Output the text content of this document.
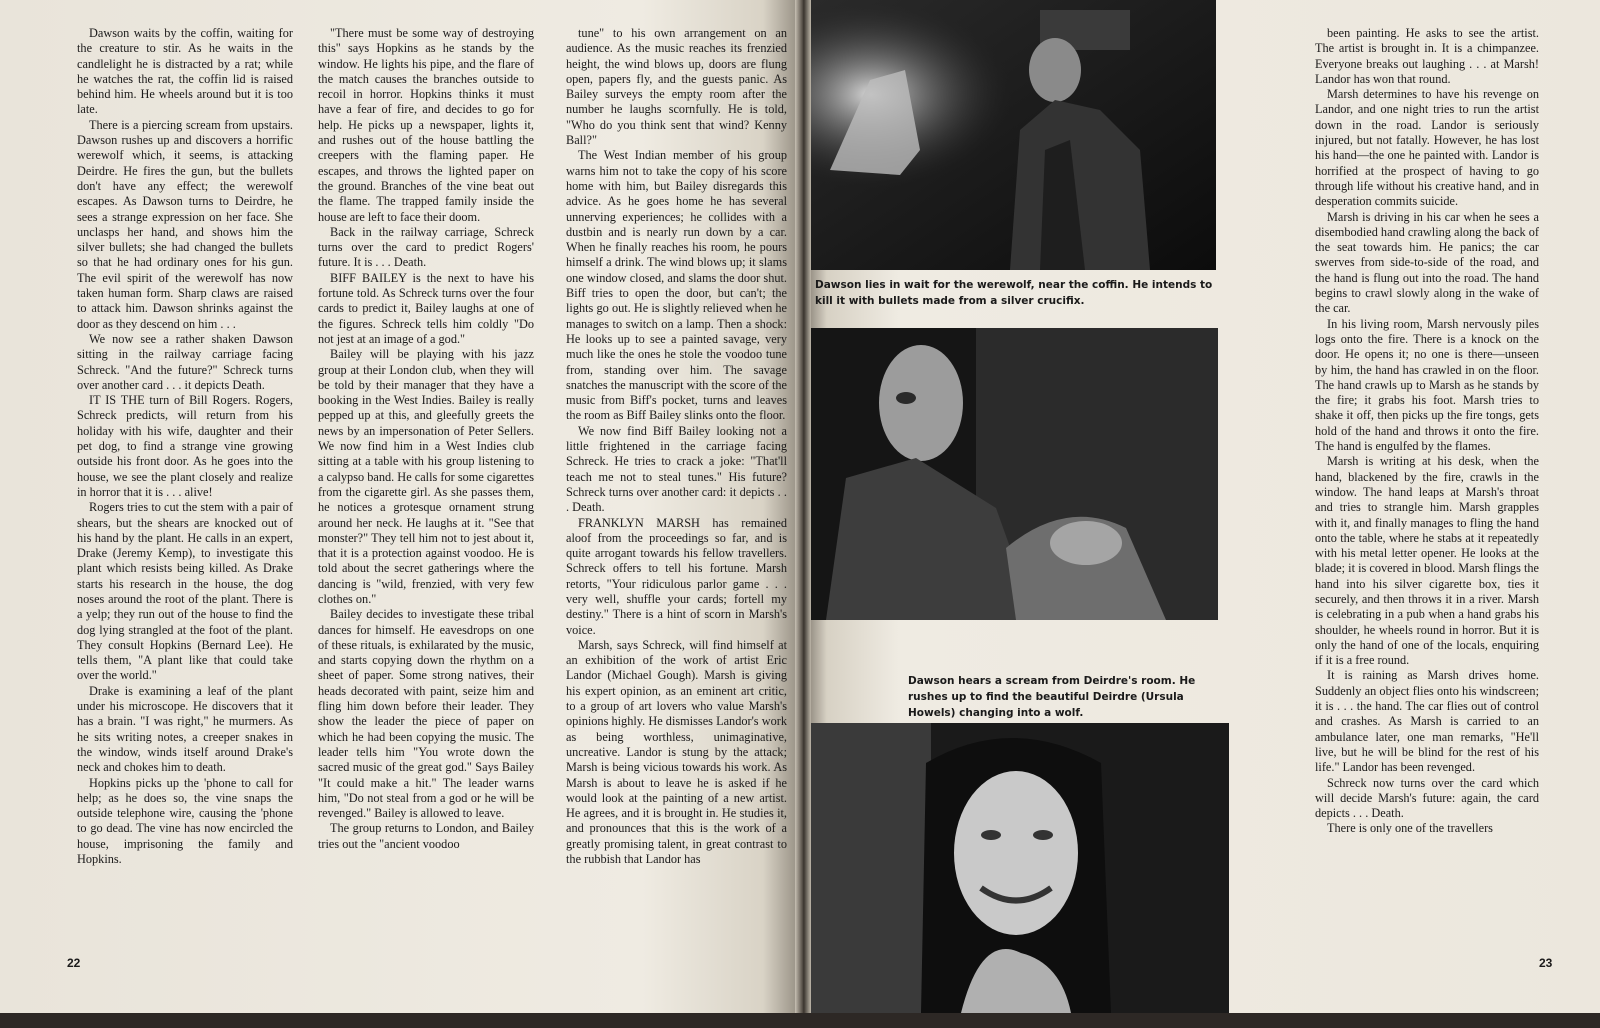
Dawson waits by the coffin, waiting for the creature to stir. As he waits in the candlelight he is distracted by a rat; while he watches the rat, the coffin lid is raised behind him. He wheels around but it is too late.

There is a piercing scream from upstairs. Dawson rushes up and discovers a horrific werewolf which, it seems, is attacking Deirdre. He fires the gun, but the bullets don't have any effect; the werewolf escapes. As Dawson turns to Deirdre, he sees a strange expression on her face. She unclasps her hand, and shows him the silver bullets; she had changed the bullets so that he had ordinary ones for his gun. The evil spirit of the werewolf has now taken human form. Sharp claws are raised to attack him. Dawson shrinks against the door as they descend on him . . .

We now see a rather shaken Dawson sitting in the railway carriage facing Schreck. "And the future?" Schreck turns over another card . . . it depicts Death.

IT IS THE turn of Bill Rogers. Rogers, Schreck predicts, will return from his holiday with his wife, daughter and their pet dog, to find a strange vine growing outside his front door. As he goes into the house, we see the plant closely and realize in horror that it is . . . alive!

Rogers tries to cut the stem with a pair of shears, but the shears are knocked out of his hand by the plant. He calls in an expert, Drake (Jeremy Kemp), to investigate this plant which resists being killed. As Drake starts his research in the house, the dog noses around the root of the plant. There is a yelp; they run out of the house to find the dog lying strangled at the foot of the plant. They consult Hopkins (Bernard Lee). He tells them, "A plant like that could take over the world."

Drake is examining a leaf of the plant under his microscope. He discovers that it has a brain. "I was right," he murmers. As he sits writing notes, a creeper snakes in the window, winds itself around Drake's neck and chokes him to death.

Hopkins picks up the 'phone to call for help; as he does so, the vine snaps the outside telephone wire, causing the 'phone to go dead. The vine has now encircled the house, imprisoning the family and Hopkins.

"There must be some way of destroying this" says Hopkins as he stands by the window. He lights his pipe, and the flare of the match causes the branches outside to recoil in horror. Hopkins thinks it must have a fear of fire, and decides to go for help. He picks up a newspaper, lights it, and rushes out of the house battling the creepers with the flaming paper. He escapes, and throws the lighted paper on the ground. Branches of the vine beat out the flame. The trapped family inside the house are left to face their doom.

Back in the railway carriage, Schreck turns over the card to predict Rogers' future. It is . . . Death.

BIFF BAILEY is the next to have his fortune told. As Schreck turns over the four cards to predict it, Bailey laughs at one of the figures. Schreck tells him coldly "Do not jest at an image of a god."

Bailey will be playing with his jazz group at their London club, when they will be told by their manager that they have a booking in the West Indies. Bailey is really pepped up at this, and gleefully greets the news by an impersonation of Peter Sellers. We now find him in a West Indies club sitting at a table with his group listening to a calypso band. He calls for some cigarettes from the cigarette girl. As she passes them, he notices a grotesque ornament strung around her neck. He laughs at it. "See that monster?" They tell him not to jest about it, that it is a protection against voodoo. He is told about the secret gatherings where the dancing is "wild, frenzied, with very few clothes on."

Bailey decides to investigate these tribal dances for himself. He eavesdrops on one of these rituals, is exhilarated by the music, and starts copying down the rhythm on a sheet of paper. Some strong natives, their heads decorated with paint, seize him and fling him down before their leader. They show the leader the piece of paper on which he had been copying the music. The leader tells him "You wrote down the sacred music of the great god." Says Bailey "It could make a hit." The leader warns him, "Do not steal from a god or he will be revenged." Bailey is allowed to leave.

The group returns to London, and Bailey tries out the "ancient voodoo

tune" to his own arrangement on an audience. As the music reaches its frenzied height, the wind blows up, doors are flung open, papers fly, and the guests panic. As Bailey surveys the empty room after the number he laughs scornfully. He is told, "Who do you think sent that wind? Kenny Ball?"

The West Indian member of his group warns him not to take the copy of his score home with him, but Bailey disregards this advice. As he goes home he has several unnerving experiences; he collides with a dustbin and is nearly run down by a car. When he finally reaches his room, he pours himself a drink. The wind blows up; it slams one window closed, and slams the door shut. Biff tries to open the door, but can't; the lights go out. He is slightly relieved when he manages to switch on a lamp. Then a shock: He looks up to see a painted savage, very much like the ones he stole the voodoo tune from, standing over him. The savage snatches the manuscript with the score of the music from Biff's pocket, turns and leaves the room as Biff Bailey slinks onto the floor.

We now find Biff Bailey looking not a little frightened in the carriage facing Schreck. He tries to crack a joke: "That'll teach me not to steal tunes." His future? Schreck turns over another card: it depicts . . . Death.

FRANKLYN MARSH has remained aloof from the proceedings so far, and is quite arrogant towards his fellow travellers. Schreck offers to tell his fortune. Marsh retorts, "Your ridiculous parlor game . . . very well, shuffle your cards; fortell my destiny." There is a hint of scorn in Marsh's voice.

Marsh, says Schreck, will find himself at an exhibition of the work of artist Eric Landor (Michael Gough). Marsh is giving his expert opinion, as an eminent art critic, to a group of art lovers who value Marsh's opinions highly. He dismisses Landor's work as being worthless, unimaginative, uncreative. Landor is stung by the attack; Marsh is being vicious towards his work. As Marsh is about to leave he is asked if he would look at the painting of a new artist. He agrees, and it is brought in. He studies it, and pronounces that this is the work of a greatly promising talent, in great contrast to the rubbish that Landor has

22
Dawson lies in wait for the werewolf, near the coffin. He intends to kill it with bullets made from a silver crucifix.
Dawson hears a scream from Deirdre's room. He rushes up to find the beautiful Deirdre (Ursula Howels) changing into a wolf.

been painting. He asks to see the artist. The artist is brought in. It is a chimpanzee. Everyone breaks out laughing . . . at Marsh! Landor has won that round.

Marsh determines to have his revenge on Landor, and one night tries to run the artist down in the road. Landor is seriously injured, but not fatally. However, he has lost his hand—the one he painted with. Landor is horrified at the prospect of having to go through life without his creative hand, and in desperation commits suicide.

Marsh is driving in his car when he sees a disembodied hand crawling along the back of the seat towards him. He panics; the car swerves from side-to-side of the road, and the hand is flung out into the road. The hand begins to crawl slowly along in the wake of the car.

In his living room, Marsh nervously piles logs onto the fire. There is a knock on the door. He opens it; no one is there—unseen by him, the hand has crawled in on the floor. The hand crawls up to Marsh as he stands by the fire; it grabs his foot. Marsh tries to shake it off, then picks up the fire tongs, gets hold of the hand and throws it onto the fire. The hand is engulfed by the flames.

Marsh is writing at his desk, when the hand, blackened by the fire, crawls in the window. The hand leaps at Marsh's throat and tries to strangle him. Marsh grapples with it, and finally manages to fling the hand onto the table, where he stabs at it repeatedly with his metal letter opener. He looks at the blade; it is covered in blood. Marsh flings the hand into his silver cigarette box, ties it securely, and then throws it in a river. Marsh is celebrating in a pub when a hand grabs his shoulder, he wheels round in horror. But it is only the hand of one of the locals, enquiring if it is a free round.

It is raining as Marsh drives home. Suddenly an object flies onto his windscreen; it is . . . the hand. The car flies out of control and crashes. As Marsh is carried to an ambulance later, one man remarks, "He'll live, but he will be blind for the rest of his life." Landor has been revenged.

Schreck now turns over the card which will decide Marsh's future: again, the card depicts . . . Death.

There is only one of the travellers

23
